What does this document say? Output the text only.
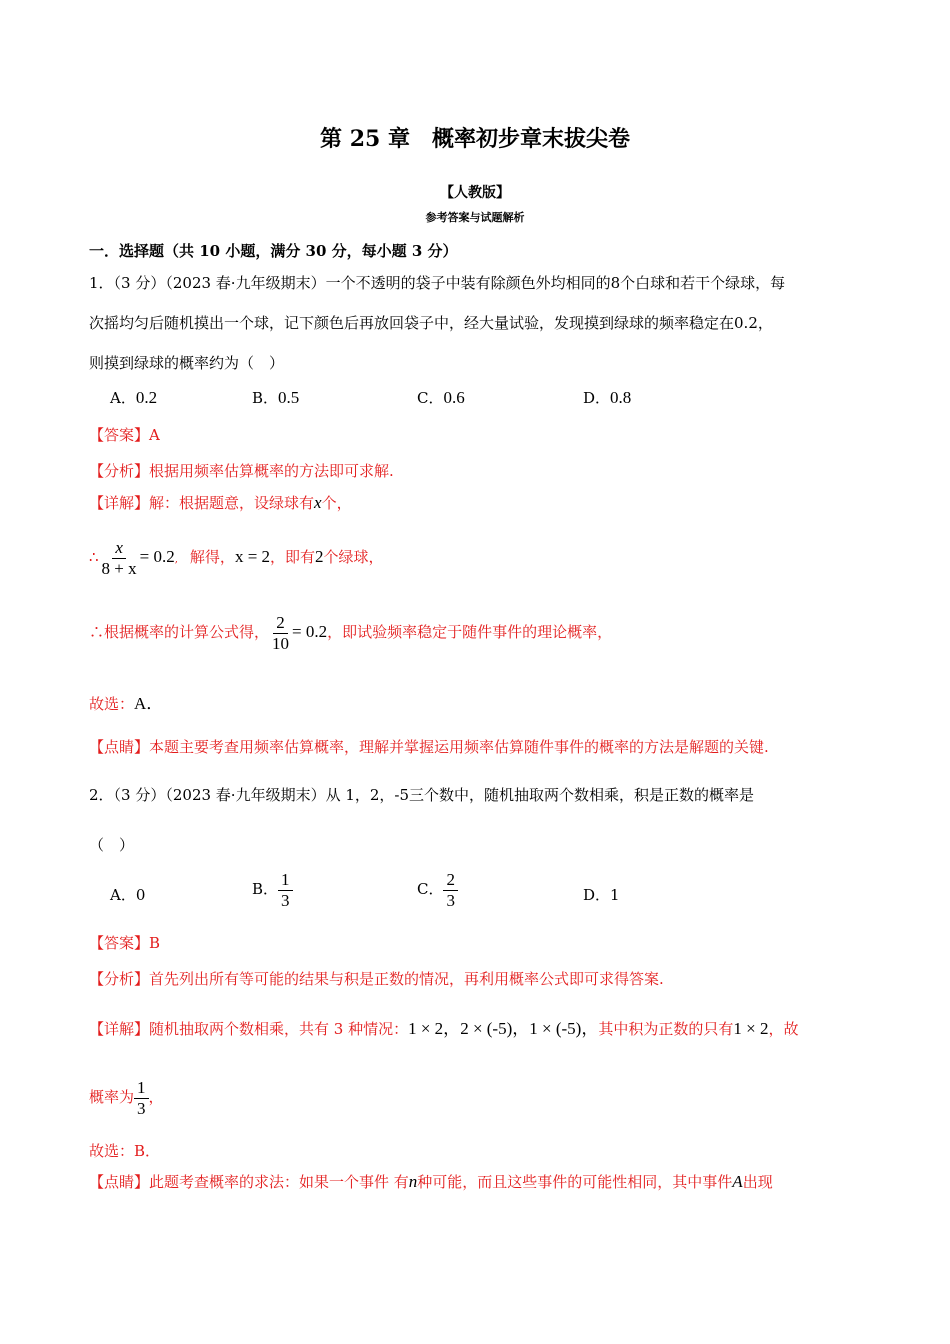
第 25 章　概率初步章末拔尖卷
【人教版】
参考答案与试题解析
一．选择题（共 10 小题，满分 30 分，每小题 3 分）
1．（3 分）（2023 春·九年级期末）一个不透明的袋子中装有除颜色外均相同的8个白球和若干个绿球，每
次摇均匀后随机摸出一个球，记下颜色后再放回袋子中，经大量试验，发现摸到绿球的频率稳定在0.2，
则摸到绿球的概率约为（　）
A．0.2	B．0.5	C．0.6	D．0.8
【答案】A
【分析】根据用频率估算概率的方法即可求解.
【详解】解：根据题意，设绿球有x个，
∴ $\frac{x}{8 + x} = 0.2$, 解得，x = 2，即有2个绿球，
∴根据概率的计算公式得， $\frac{2}{10} = 0.2$，即试验频率稳定于随件事件的理论概率，
故选：A．
【点睛】本题主要考查用频率估算概率，理解并掌握运用频率估算随件事件的概率的方法是解题的关键.
2．（3 分）（2023 春·九年级期末）从 1，2，-5三个数中，随机抽取两个数相乘，积是正数的概率是
（　）
A．0	B． $\frac{1}{3}$	C． $\frac{2}{3}$	D．1
【答案】B
【分析】首先列出所有等可能的结果与积是正数的情况，再利用概率公式即可求得答案.
【详解】随机抽取两个数相乘，共有 3 种情况：1 × 2，2 × (-5)，1 × (-5)，其中积为正数的只有1 × 2，故
概率为 $\frac{1}{3}$ ，
故选：B．
【点睛】此题考查概率的求法：如果一个事件 有n种可能，而且这些事件的可能性相同，其中事件A出现
